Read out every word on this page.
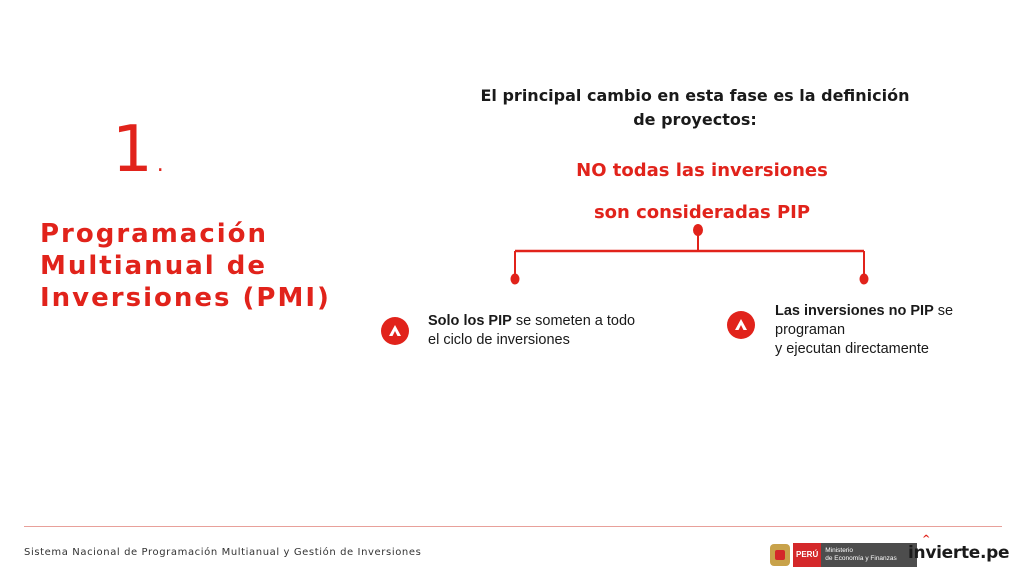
1 .
Programación Multianual de Inversiones (PMI)
El principal cambio en esta fase es la definición de proyectos:
NO todas las inversiones
son consideradas PIP
Solo los PIP se someten a todo el ciclo de inversiones
Las inversiones no PIP se
programan
y ejecutan directamente
Sistema Nacional de Programación Multianual y Gestión de Inversiones	PERÚ	Ministerio
de Economía y Finanzas
^
invierte.pe
